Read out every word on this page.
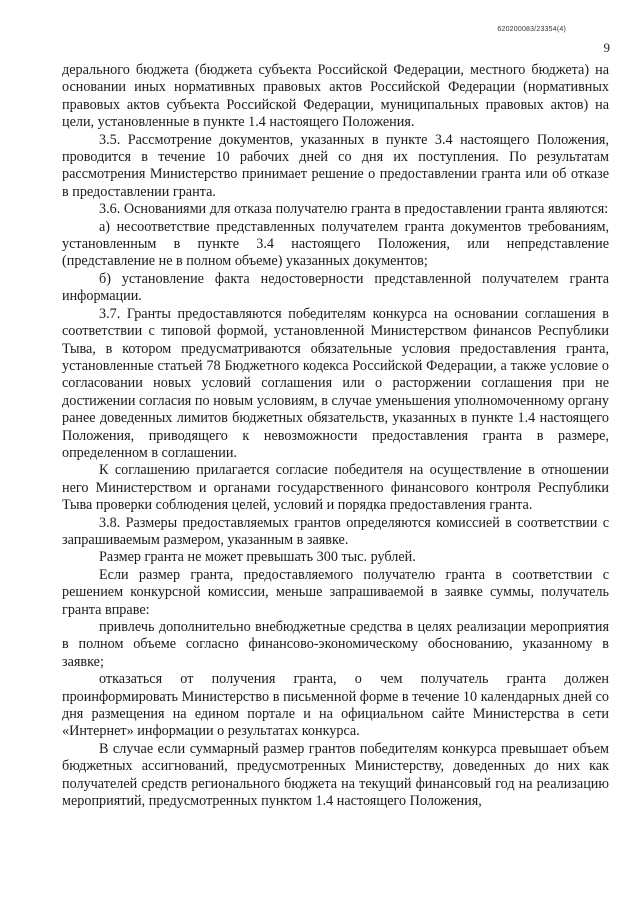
620200083/23354(4)
9

дерального бюджета (бюджета субъекта Российской Федерации, местного бюджета) на основании иных нормативных правовых актов Российской Федерации (нормативных правовых актов субъекта Российской Федерации, муниципальных правовых актов) на цели, установленные в пункте 1.4 настоящего Положения.

3.5. Рассмотрение документов, указанных в пункте 3.4 настоящего Положения, проводится в течение 10 рабочих дней со дня их поступления. По результатам рассмотрения Министерство принимает решение о предоставлении гранта или об отказе в предоставлении гранта.

3.6. Основаниями для отказа получателю гранта в предоставлении гранта являются:

а) несоответствие представленных получателем гранта документов требованиям, установленным в пункте 3.4 настоящего Положения, или непредставление (представление не в полном объеме) указанных документов;

б) установление факта недостоверности представленной получателем гранта информации.

3.7. Гранты предоставляются победителям конкурса на основании соглашения в соответствии с типовой формой, установленной Министерством финансов Республики Тыва, в котором предусматриваются обязательные условия предоставления гранта, установленные статьей 78 Бюджетного кодекса Российской Федерации, а также условие о согласовании новых условий соглашения или о расторжении соглашения при не достижении согласия по новым условиям, в случае уменьшения уполномоченному органу ранее доведенных лимитов бюджетных обязательств, указанных в пункте 1.4 настоящего Положения, приводящего к невозможности предоставления гранта в размере, определенном в соглашении.

К соглашению прилагается согласие победителя на осуществление в отношении него Министерством и органами государственного финансового контроля Республики Тыва проверки соблюдения целей, условий и порядка предоставления гранта.

3.8. Размеры предоставляемых грантов определяются комиссией в соответствии с запрашиваемым размером, указанным в заявке.

Размер гранта не может превышать 300 тыс. рублей.

Если размер гранта, предоставляемого получателю гранта в соответствии с решением конкурсной комиссии, меньше запрашиваемой в заявке суммы, получатель гранта вправе:

привлечь дополнительно внебюджетные средства в целях реализации мероприятия в полном объеме согласно финансово-экономическому обоснованию, указанному в заявке;

отказаться от получения гранта, о чем получатель гранта должен проинформировать Министерство в письменной форме в течение 10 календарных дней со дня размещения на едином портале и на официальном сайте Министерства в сети «Интернет» информации о результатах конкурса.

В случае если суммарный размер грантов победителям конкурса превышает объем бюджетных ассигнований, предусмотренных Министерству, доведенных до них как получателей средств регионального бюджета на текущий финансовый год на реализацию мероприятий, предусмотренных пунктом 1.4 настоящего Положения,
